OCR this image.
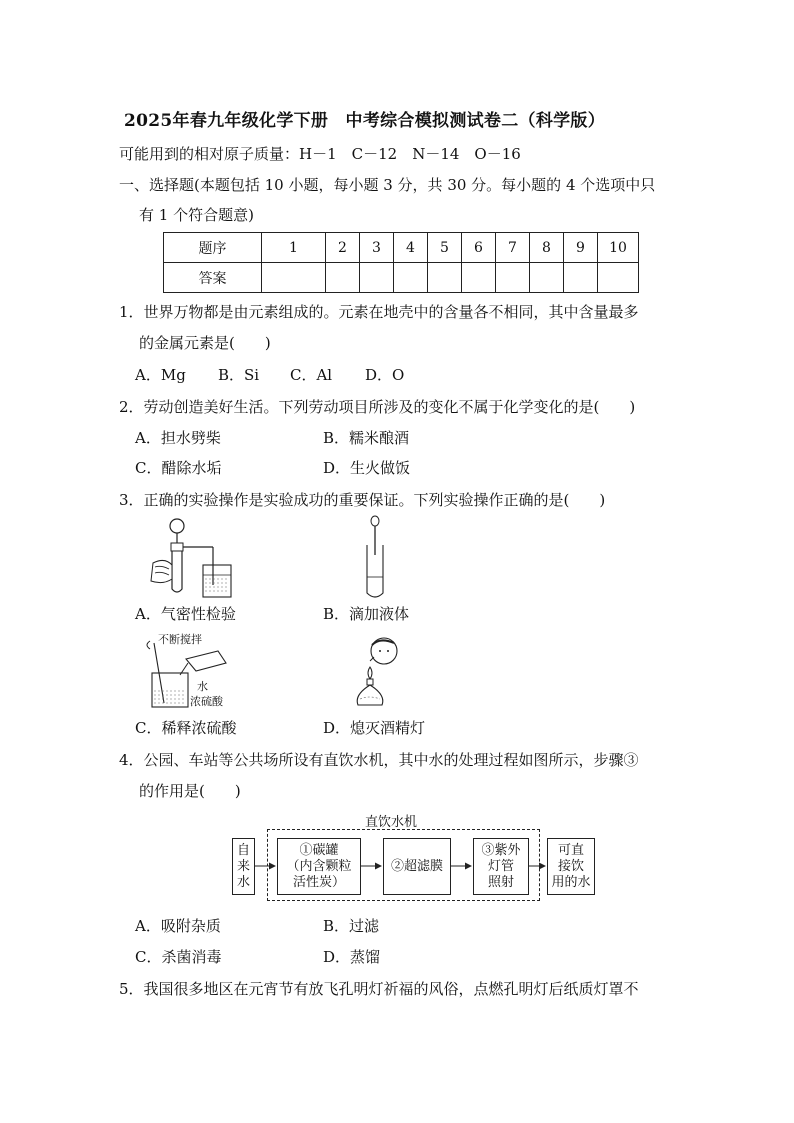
2025年春九年级化学下册　中考综合模拟测试卷二（科学版）
可能用到的相对原子质量：H－1　C－12　N－14　O－16
一、选择题(本题包括 10 小题，每小题 3 分，共 30 分。每小题的 4 个选项中只
有 1 个符合题意)
题序	1	2	3	4	5	6	7	8	9	10
答案										
1．世界万物都是由元素组成的。元素在地壳中的含量各不相同，其中含量最多
的金属元素是(　　)
A．Mg B．Si C．Al D．O
2．劳动创造美好生活。下列劳动项目所涉及的变化不属于化学变化的是(　　)
A．担水劈柴	B．糯米酿酒
C．醋除水垢	D．生火做饭
3．正确的实验操作是实验成功的重要保证。下列实验操作正确的是(　　)
A．气密性检验	B．滴加液体
不断搅拌
水
浓硫酸
C．稀释浓硫酸	D．熄灭酒精灯
4．公园、车站等公共场所设有直饮水机，其中水的处理过程如图所示，步骤③
的作用是(　　)
直饮水机
自
来
水
①碳罐
（内含颗粒
活性炭）
②超滤膜
③紫外
灯管
照射
可直
接饮
用的水
A．吸附杂质	B．过滤
C．杀菌消毒	D．蒸馏
5．我国很多地区在元宵节有放飞孔明灯祈福的风俗，点燃孔明灯后纸质灯罩不
